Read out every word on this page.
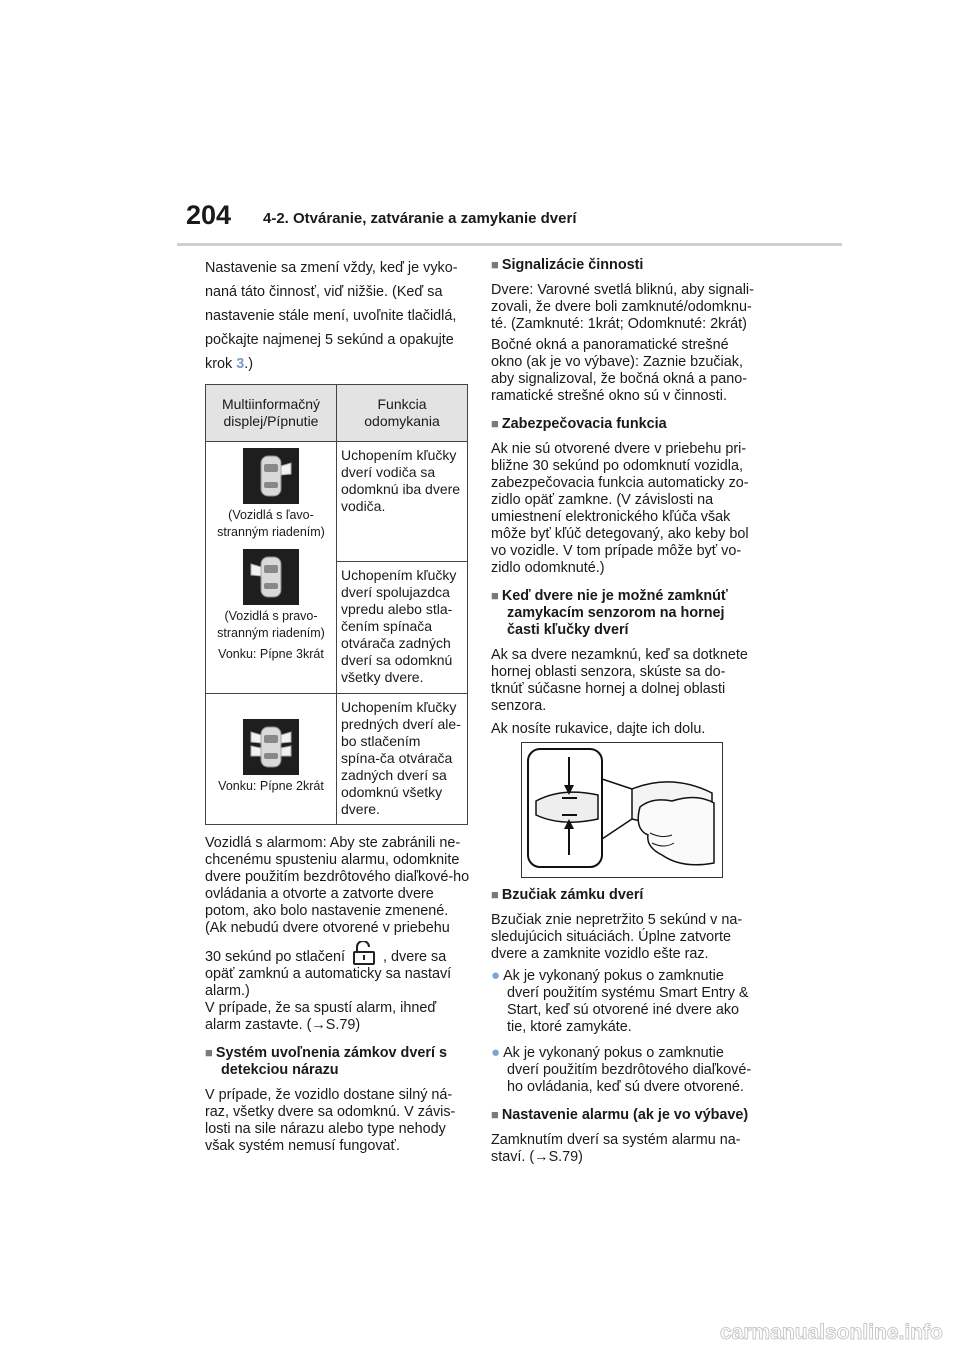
204 4-2. Otváranie, zatváranie a zamykanie dverí

Nastavenie sa zmení vždy, keď je vyko-naná táto činnosť, viď nižšie. (Keď sa nastavenie stále mení, uvoľnite tlačidlá, počkajte najmenej 5 sekúnd a opakujte krok 3.)

Multiinformačný displej/Pípnutie	Funkcia odomykania

(Vozidlá s ľavo-stranným riadením)
(Vozidlá s pravo-stranným riadením)
Vonku: Pípne 3krát	Uchopením kľučky dverí vodiča sa odomknú iba dvere vodiča.
	Uchopením kľučky dverí spolujazdca vpredu alebo stla-čením spínača otvárača zadných dverí sa odomknú všetky dvere.

Vonku: Pípne 2krát	Uchopením kľučky predných dverí ale-bo stlačením spína-ča otvárača zadných dverí sa odomknú všetky dvere.

Vozidlá s alarmom: Aby ste zabránili ne-chcenému spusteniu alarmu, odomknite dvere použitím bezdrôtového diaľkové-ho ovládania a otvorte a zatvorte dvere potom, ako bolo nastavenie zmenené. (Ak nebudú dvere otvorené v priebehu

30 sekúnd po stlačení	, dvere sa opäť zamknú a automaticky sa nastaví alarm.)

V prípade, že sa spustí alarm, ihneď alarm zastavte. (→S.79)

■ Systém uvoľnenia zámkov dverí s detekciou nárazu

V prípade, že vozidlo dostane silný ná-raz, všetky dvere sa odomknú. V závis-losti na sile nárazu alebo type nehody však systém nemusí fungovať.

■ Signalizácie činnosti

Dvere: Varovné svetlá bliknú, aby signali-zovali, že dvere boli zamknuté/odomknu-té. (Zamknuté: 1krát; Odomknuté: 2krát)

Bočné okná a panoramatické strešné okno (ak je vo výbave): Zaznie bzučiak, aby signalizoval, že bočná okná a pano-ramatické strešné okno sú v činnosti.

■ Zabezpečovacia funkcia

Ak nie sú otvorené dvere v priebehu pri-bližne 30 sekúnd po odomknutí vozidla, zabezpečovacia funkcia automaticky zo-zidlo opäť zamkne. (V závislosti na umiestnení elektronického kľúča však môže byť kľúč detegovaný, ako keby bol vo vozidle. V tom prípade môže byť vo-zidlo odomknuté.)

■ Keď dvere nie je možné zamknúť zamykacím senzorom na hornej časti kľučky dverí

Ak sa dvere nezamknú, keď sa dotknete hornej oblasti senzora, skúste sa do-tknúť súčasne hornej a dolnej oblasti senzora.

Ak nosíte rukavice, dajte ich dolu.

■ Bzučiak zámku dverí

Bzučiak znie nepretržito 5 sekúnd v na-sledujúcich situáciách. Úplne zatvorte dvere a zamknite vozidlo ešte raz.

● Ak je vykonaný pokus o zamknutie dverí použitím systému Smart Entry & Start, keď sú otvorené iné dvere ako tie, ktoré zamykáte.

● Ak je vykonaný pokus o zamknutie dverí použitím bezdrôtového diaľkové-ho ovládania, keď sú dvere otvorené.

■ Nastavenie alarmu (ak je vo výbave)

Zamknutím dverí sa systém alarmu na-staví. (→S.79)

carmanualsonline.info
